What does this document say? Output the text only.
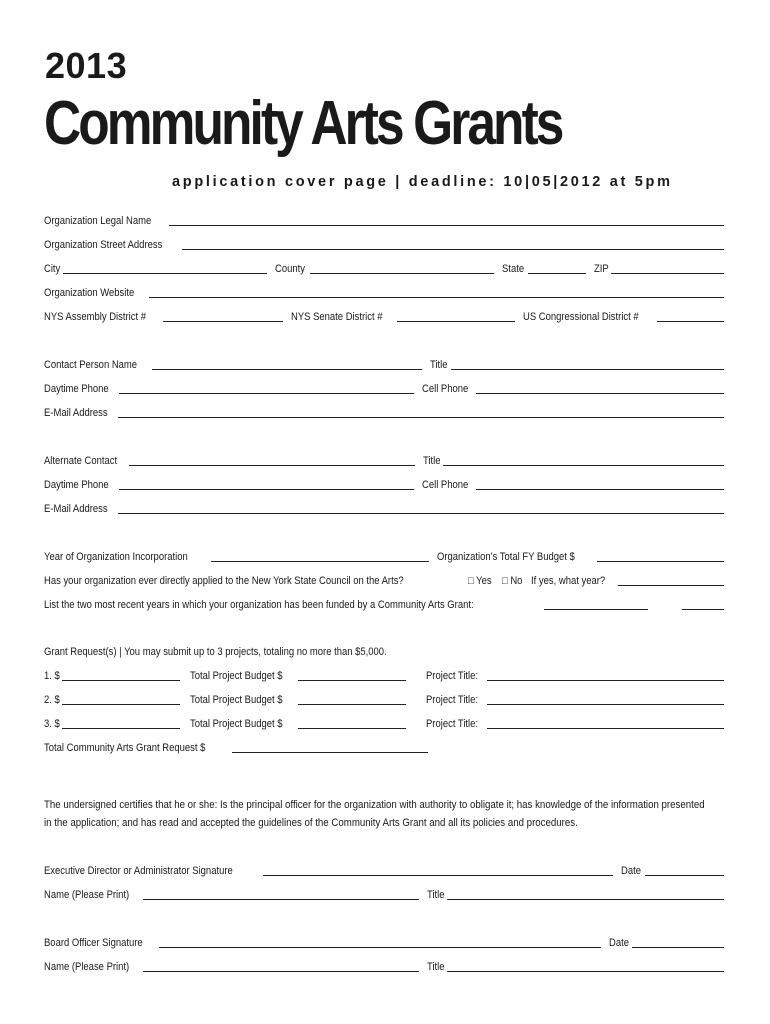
2013
Community Arts Grants
application cover page | deadline: 10|05|2012 at 5pm
Organization Legal Name
Organization Street Address
City	County	State	ZIP
Organization Website
NYS Assembly District #	NYS Senate District #	US Congressional District #
Contact Person Name	Title
Daytime Phone	Cell Phone
E-Mail Address
Alternate Contact	Title
Daytime Phone	Cell Phone
E-Mail Address
Year of Organization Incorporation	Organization’s Total FY Budget $
Has your organization ever directly applied to the New York State Council on the Arts?	□ Yes □ No If yes, what year?
List the two most recent years in which your organization has been funded by a Community Arts Grant:
Grant Request(s) | You may submit up to 3 projects, totaling no more than $5,000.
1. $	Total Project Budget $	Project Title:
2. $	Total Project Budget $	Project Title:
3. $	Total Project Budget $	Project Title:
Total Community Arts Grant Request $
The undersigned certifies that he or she: Is the principal officer for the organization with authority to obligate it; has knowledge of the information presented in the application; and has read and accepted the guidelines of the Community Arts Grant and all its policies and procedures.
Executive Director or Administrator Signature	Date
Name (Please Print)	Title
Board Officer Signature	Date
Name (Please Print)	Title
